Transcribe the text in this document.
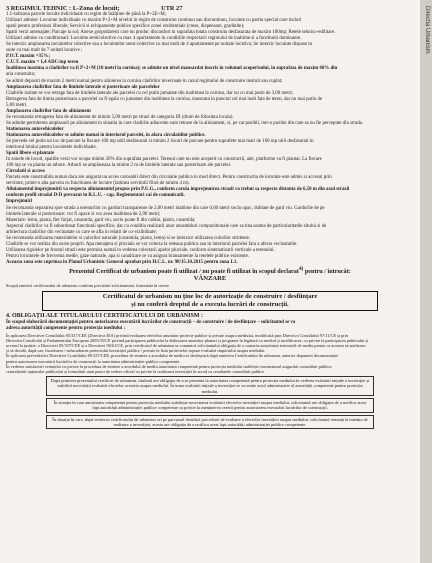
3 REGIMUL TEHNIC : L-Zona de locuit;	UTR 27

1.1-subzona parcele locuite individuale cu regim de înălțime de până la P+2E+M;

Utilizari admise: Locuinte individuale cu maxim P+2+M nivelul in regim de construire continuu sau discontinuu, locuinte cu partiu special care includ

spatii pentru profesiuni liberale; Servicii si echipamente publice specifice zonei rezidentiale (crese, dispensare, gradinite);

Spatii verzi amenajate; Parcaje la sol; Anexe gospodaresti care nu produc disconfort in suprafata totala construita desfasurata de maxim 100mp; Retele tehnico-edilitare.

Utilizari admise cu conditionari: Locuinte semicolective cu max 4 apartamente in conditiile respectarii regimului de inaltime si a functiunii dominante.

Se interzic amplasarea locuintelor colective sau a locuintelor semi-colective cu mai mult de 4 apartamente pe unitate locativa; Se interzic locuinte dispuse in

suite cu mai mult de 7 unitati locative ;

P.O.T. maxim =35%;

C.U.T. maxim = 1,4 ADC/mp teren

Inaltimea maxima a cladirilor va fi P+2+M (10 metri la cornisa); se admite un nivel mansardat inscris in volumul acoperisului, in suprafata de maxim 60% din

aria construita;

Se admit depasiri de maxim 2 metri numai pentru alinierea la cornisa cladirilor invecinate in cazul regimului de construire insiruit sau cuplat;

Amplasarea cladirilor fata de limitele laterale si posterioare ale parcelelor

Cladirile izolate se vor retrage fata de limitele laterale ale parcelei cu cel putin jumatate din inaltimea la cornisa, dar nu cu mai putin de 3,00 metri;

Retragerea fata de limita posterioara a parcelei va fi egala cu jumatate din inaltimea la cornisa, masurata in punctul cel mai inalt fata de teren, dar nu mai putin de

5,00 metri.

Amplasarea cladirilor fata de aliniament

Se recomanda retragerea fata de aliniament de minim 5,00 metri pe strazi de categoria III (drum de folosinta locala).

Se admite permiterea amplasarii pe aliniament in situatia in care cladirile adiacente sunt retrase de la aliniament, si, pe cat posibil, intr-o pozitie din care sa nu fie percepute din strada.

Stationarea autovehiculelor

Stationarea autovehiculelor se admite numai in interiorul parcelei, in afara circulatiilor publice.

Se prevede cel putin un loc de parcare la fiecare 100 mp utili desfasurati si minim 2 locuri de parcare pentru suprafete mai mari de 100 mp utili desfasurati in

interiorul lotului pentru locuintele individuale.

Spatii libere si plantate

In zonele de locuit, spatiile verzi vor ocupa minim 30% din suprafata parcelei. Terenul care nu este acoperit cu constructii, alei, platforme va fi plantat. La fiecare

100 mp se va planta un arbore. Arborii se amplaseaza la minim 2 m de limitele laterale sau posterioare ale parcelei.

Circulatii si accese

Parcela este construibila numai daca are asigurat un acces carosabil direct din circulatie publica in mod direct. Pentru constructia de locuinte este admis si accesul prin

servitute, printr-o alta parcela cu functiunea de locuire (latimea servitutii fiind de minim 4 m).

Aliniamentul imprejmuirii va respecta aliniamentul propus prin P.U.G., conform caruia imprejmuirea strazii va trebui sa respecte distanta de 6,50 m din axul strazii

conform profil stradal D-D prevazut in R.L.U. - cap. Reglementari cai de comunicatii.

Imprejmuiri

Se recomanda separarea spre strada a terenurilor cu garduri transparente de 2,00 metri inaltime din care 0,60 metri soclu opac, dublate de gard viu. Gardurile de pe

limitele laterale si posterioare: vor fi opace si vor avea inaltimea de 2,00 metri;

Materiale: lemn, piatra, fier forjat, caramida, gard viu, soclu poate fi din cahlin, piatra, caramida;

Aspectul cladirilor va fi subordonat functiunii specifice, dar cu conditia realizarii unor ansambluri compozitionale care sa tina seama de particularitatile sitului si de

arhitectura cladirilor din vecinatate cu care se afla in relatii de co-vizibilitate;

Se recomanda utilizarea materialelor si culorilor naturale (caramida, piatra, lemn) si se interzice utilizarea culorilor stridente.

Cladirile se vor realiza din surse proprii. Apa menajera si pluviala se vor colecta la reteaua publica sau in interiorul parcelei fara a afecta vecinatatile.

Utilizarea rigolelor pe frontul strazii este permisa numai in vederea colectarii apelor pluviale, conform sistematizarii verticale a terenului.

Pentru locuintele de frecventa medie, gaze naturale, apa si canalizare se va asigura bransamente la retelele publice existente.

Aceasta zona este cuprinsa in Planul Urbanistic General aprobat prin H.C.L. nr. 98/15.10.2015 pentru zona L1.

Prezentul Certificat de urbanism poate fi utilizat / nu poate fi utilizat în scopul declarat$^{4)}$ pentru / întrucât:

VÂNZARE

Scopul emiterii certificatului de urbanism conform precizării solicitantului, formulată în cerere

Certificatul de urbanism nu ține loc de autorizație de construire / desființare
și nu conferă dreptul de a executa lucrări de construcții.

4. OBLIGAȚII ALE TITULARULUI CERTIFICATULUI DE URBANISM :

În scopul elaborării documentației pentru autorizarea executării lucrărilor de construcții – de construire / de desființare – solicitantul se va

adresa autorității competente pentru protecția mediului :

În aplicarea Directivei Consiliului 85/337/CEE (Directiva EIA) privind evaluarea efectelor anumitor proiecte publice și private asupra mediului, modificată prin Directiva Consiliului 97/11/CE și prin

Directiva Consiliului și Parlamentului European 2003/35/CE privind participarea publicului la elaborarea anumitor planuri și programe în legătură cu mediul și modificarea, cu privire la participarea publicului și

accesul la justiție, a Directivei 85/337/CEE și a Directivei 96/61/CE, prin certificatul de urbanism se comunică solicitantului obligația de a contacta autoritatea teritorială de mediu pentru ca aceasta să analizeze

și să decidă, după caz, încadrarea / neîncadrarea proiectului investiției publice / private în lista proiectelor supuse evaluării impactului asupra mediului.

În aplicarea prevederilor Directivei Consiliului 85/337/CEE, procedura de emitere a acordului de mediu se desfășoară după emiterea Certificatului de urbanism, anterior depunerii documentației

pentru autorizarea executării lucrărilor de construcții la autoritatea administrației publice competente.

În vederea satisfacerii cerințelor cu privire la procedura de emitere a acordului de mediu autoritatea competentă pentru protecția mediului stabilește mecanismul asigurării consultării publice,

centralizării opțiunilor publicului și formulării unui punct de vedere oficial cu privire la realizarea investiției în acord cu rezultatele consultării publice.

După primirea prezentului certificat de urbanism, titularul are obligația de a se prezenta la autoritatea competentă pentru protecția mediului în vederea evaluării inițiale a investiției și stabilirii necesității evaluării efectelor acesteia asupra mediului. În urma evaluării inițiale a investiției se va emite actul administrativ al autorității competente pentru protecția mediului.
În situația în care autoritatea competentă pentru protecția mediului stabilește necesitatea evaluării efectelor investiției asupra mediului, solicitantul are obligația de a notifica acest fapt autorității administrației publice competente cu privire la menținerea cererii pentru autorizarea executării lucrărilor de construcții.
În situația în care, după emiterea certificatului de urbanism ori pe parcursul derulării procedurii de evaluare a efectelor investiției asupra mediului, solicitantul renunță la intenția de realizare a investiției, acesta are obligația de a notifica acest fapt autorității administrației publice competente.
Directia Urbanism
